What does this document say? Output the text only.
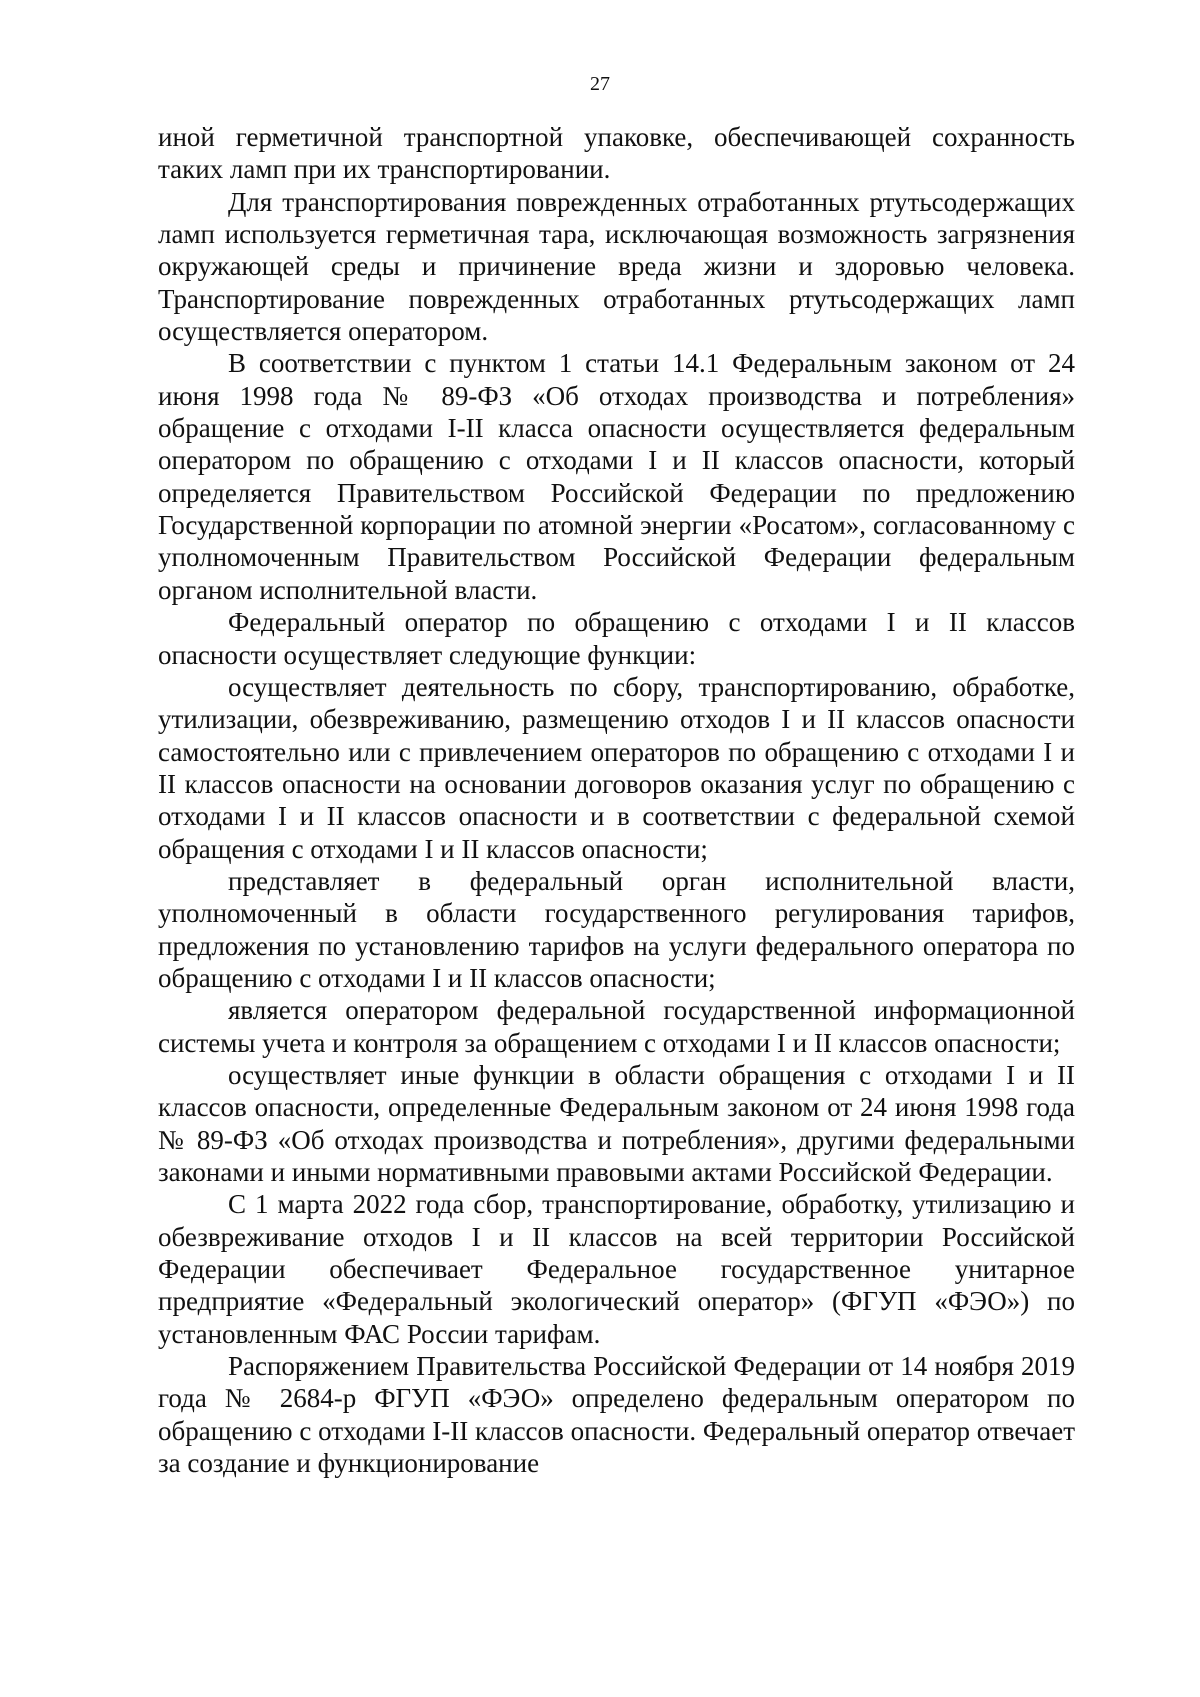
27

иной герметичной транспортной упаковке, обеспечивающей сохранность таких ламп при их транспортировании.

Для транспортирования поврежденных отработанных ртутьсодержащих ламп используется герметичная тара, исключающая возможность загрязнения окружающей среды и причинение вреда жизни и здоровью человека. Транспортирование поврежденных отработанных ртутьсодержащих ламп осуществляется оператором.

В соответствии с пунктом 1 статьи 14.1 Федеральным законом от 24 июня 1998 года № 89-ФЗ «Об отходах производства и потребления» обращение с отходами I-II класса опасности осуществляется федеральным оператором по обращению с отходами I и II классов опасности, который определяется Правительством Российской Федерации по предложению Государственной корпорации по атомной энергии «Росатом», согласованному с уполномоченным Правительством Российской Федерации федеральным органом исполнительной власти.

Федеральный оператор по обращению с отходами I и II классов опасности осуществляет следующие функции:

осуществляет деятельность по сбору, транспортированию, обработке, утилизации, обезвреживанию, размещению отходов I и II классов опасности самостоятельно или с привлечением операторов по обращению с отходами I и II классов опасности на основании договоров оказания услуг по обращению с отходами I и II классов опасности и в соответствии с федеральной схемой обращения с отходами I и II классов опасности;

представляет в федеральный орган исполнительной власти, уполномоченный в области государственного регулирования тарифов, предложения по установлению тарифов на услуги федерального оператора по обращению с отходами I и II классов опасности;

является оператором федеральной государственной информационной системы учета и контроля за обращением с отходами I и II классов опасности;

осуществляет иные функции в области обращения с отходами I и II классов опасности, определенные Федеральным законом от 24 июня 1998 года № 89-ФЗ «Об отходах производства и потребления», другими федеральными законами и иными нормативными правовыми актами Российской Федерации.

С 1 марта 2022 года сбор, транспортирование, обработку, утилизацию и обезвреживание отходов I и II классов на всей территории Российской Федерации обеспечивает Федеральное государственное унитарное предприятие «Федеральный экологический оператор» (ФГУП «ФЭО») по установленным ФАС России тарифам.

Распоряжением Правительства Российской Федерации от 14 ноября 2019 года № 2684-р ФГУП «ФЭО» определено федеральным оператором по обращению с отходами I-II классов опасности. Федеральный оператор отвечает за создание и функционирование
